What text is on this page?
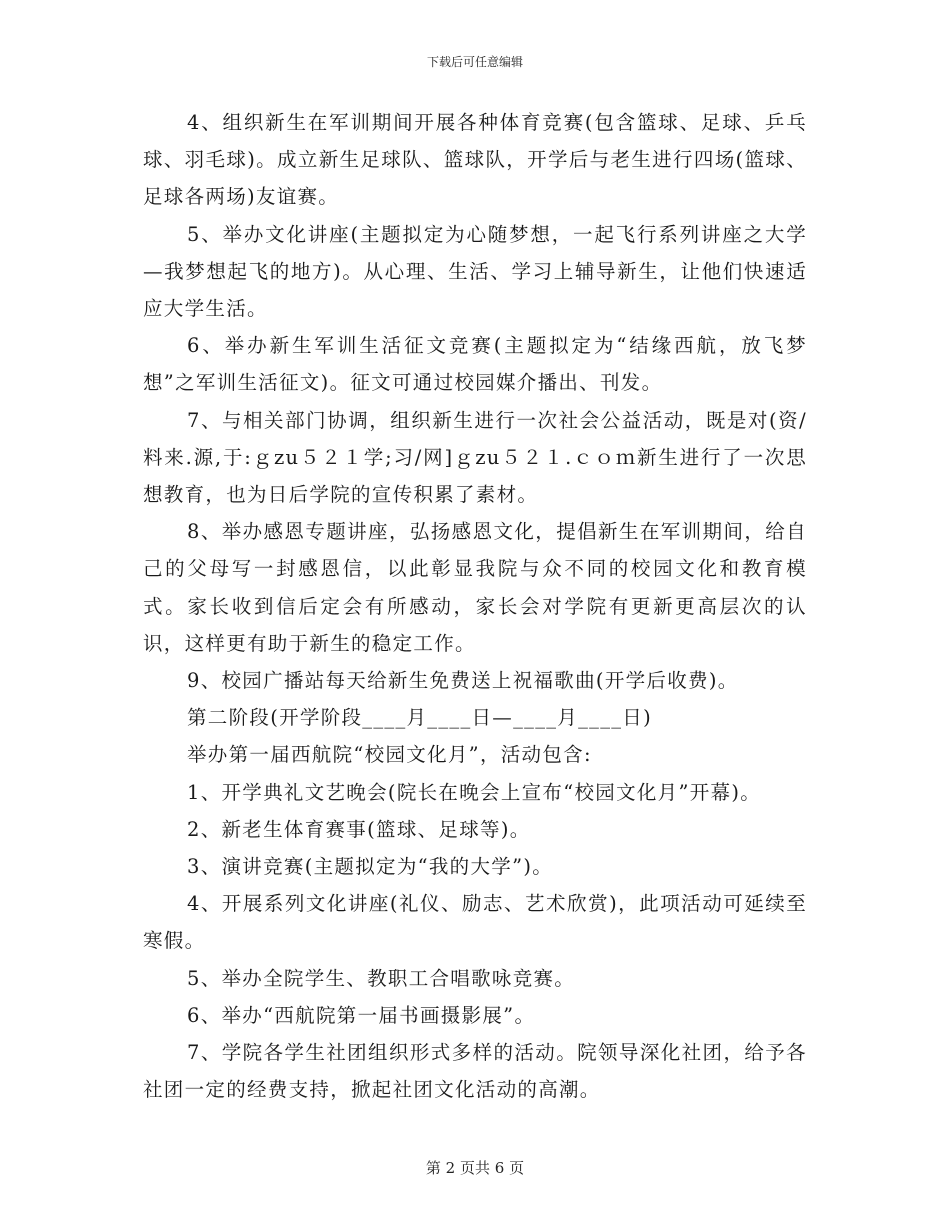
下载后可任意编辑

4、组织新生在军训期间开展各种体育竞赛(包含篮球、足球、乒乓球、羽毛球)。成立新生足球队、篮球队，开学后与老生进行四场(篮球、足球各两场)友谊赛。

5、举办文化讲座(主题拟定为心随梦想，一起飞行系列讲座之大学—我梦想起飞的地方)。从心理、生活、学习上辅导新生，让他们快速适应大学生活。

6、举办新生军训生活征文竞赛(主题拟定为“结缘西航，放飞梦想”之军训生活征文)。征文可通过校园媒介播出、刊发。

7、与相关部门协调，组织新生进行一次社会公益活动，既是对(资/料来.源,于:ｇzu５２１学;习/网]ｇzu５２１.ｃｏｍ新生进行了一次思想教育，也为日后学院的宣传积累了素材。

8、举办感恩专题讲座，弘扬感恩文化，提倡新生在军训期间，给自己的父母写一封感恩信，以此彰显我院与众不同的校园文化和教育模式。家长收到信后定会有所感动，家长会对学院有更新更高层次的认识，这样更有助于新生的稳定工作。

9、校园广播站每天给新生免费送上祝福歌曲(开学后收费)。

第二阶段(开学阶段____月____日—____月____日)

举办第一届西航院“校园文化月”，活动包含:

1、开学典礼文艺晚会(院长在晚会上宣布“校园文化月”开幕)。

2、新老生体育赛事(篮球、足球等)。

3、演讲竞赛(主题拟定为“我的大学”)。

4、开展系列文化讲座(礼仪、励志、艺术欣赏)，此项活动可延续至寒假。

5、举办全院学生、教职工合唱歌咏竞赛。

6、举办“西航院第一届书画摄影展”。

7、学院各学生社团组织形式多样的活动。院领导深化社团，给予各社团一定的经费支持，掀起社团文化活动的高潮。

第 2 页共 6 页
